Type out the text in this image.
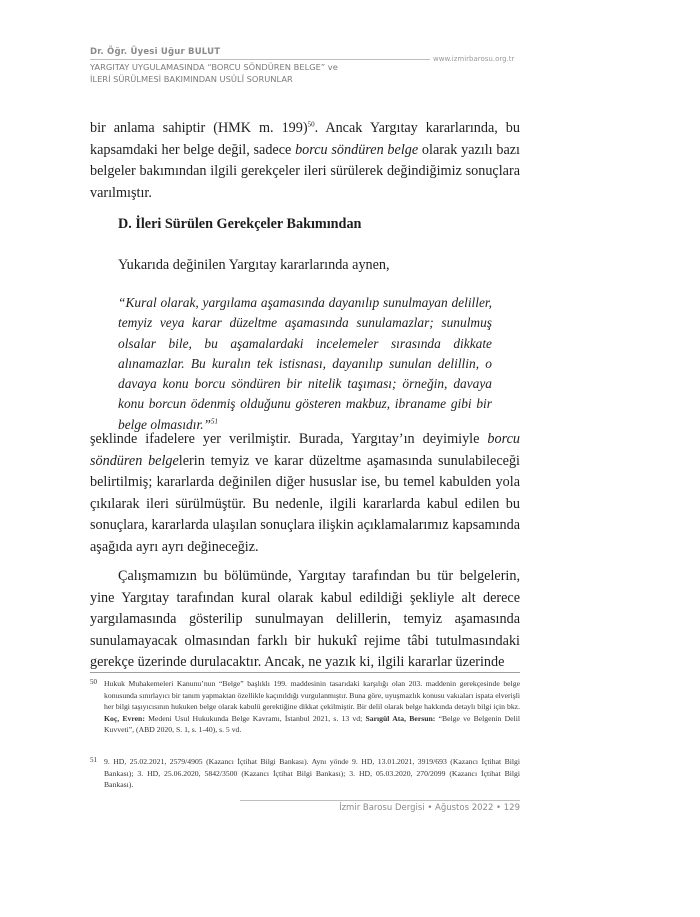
Dr. Öğr. Üyesi Uğur BULUT
YARGITAY UYGULAMASINDA “BORCU SÖNDÜREN BELGE” ve
İLERİ SÜRÜLMESİ BAKIMINDAN USÛLÎ SORUNLAR
www.izmirbarosu.org.tr
bir anlama sahiptir (HMK m. 199)$^{50}$. Ancak Yargıtay kararlarında, bu kapsamdaki her belge değil, sadece borcu söndüren belge olarak yazılı bazı belgeler bakımından ilgili gerekçeler ileri sürülerek değindiğimiz sonuçlara varılmıştır.
D. İleri Sürülen Gerekçeler Bakımından
Yukarıda değinilen Yargıtay kararlarında aynen,
“Kural olarak, yargılama aşamasında dayanılıp sunulmayan deliller, temyiz veya karar düzeltme aşamasında sunulamazlar; sunulmuş olsalar bile, bu aşamalardaki incelemeler sırasında dikkate alınamazlar. Bu kuralın tek istisnası, dayanılıp sunulan delillin, o davaya konu borcu söndüren bir nitelik taşıması; örneğin, davaya konu borcun ödenmiş olduğunu gösteren makbuz, ibraname gibi bir belge olmasıdır.”$^{51}$
şeklinde ifadelere yer verilmiştir. Burada, Yargıtay’ın deyimiyle borcu söndüren belgelerin temyiz ve karar düzeltme aşamasında sunulabileceği belirtilmiş; kararlarda değinilen diğer hususlar ise, bu temel kabulden yola çıkılarak ileri sürülmüştür. Bu nedenle, ilgili kararlarda kabul edilen bu sonuçlara, kararlarda ulaşılan sonuçlara ilişkin açıklamalarımız kapsamında aşağıda ayrı ayrı değineceğiz.
Çalışmamızın bu bölümünde, Yargıtay tarafından bu tür belgelerin, yine Yargıtay tarafından kural olarak kabul edildiği şekliyle alt derece yargılamasında gösterilip sunulmayan delillerin, temyiz aşamasında sunulamayacak olmasından farklı bir hukukî rejime tâbi tutulmasındaki gerekçe üzerinde durulacaktır. Ancak, ne yazık ki, ilgili kararlar üzerinde
50 Hukuk Muhakemeleri Kanunu’nun “Belge” başlıklı 199. maddesinin tasarıdaki karşılığı olan 203. maddenin gerekçesinde belge konusunda sınırlayıcı bir tanım yapmaktan özellikle kaçınıldığı vurgulanmıştır. Buna göre, uyuşmazlık konusu vakıaları ispata elverişli her bilgi taşıyıcısının hukuken belge olarak kabulü gerektiğine dikkat çekilmiştir. Bir delil olarak belge hakkında detaylı bilgi için bkz. Koç, Evren: Medeni Usul Hukukunda Belge Kavramı, İstanbul 2021, s. 13 vd; Sarıgül Ata, Bersun: “Belge ve Belgenin Delil Kuvveti”, (ABD 2020, S. 1, s. 1-40), s. 5 vd.
51 9. HD, 25.02.2021, 2579/4905 (Kazancı İçtihat Bilgi Bankası). Aynı yönde 9. HD, 13.01.2021, 3919/693 (Kazancı İçtihat Bilgi Bankası); 3. HD, 25.06.2020, 5842/3500 (Kazancı İçtihat Bilgi Bankası); 3. HD, 05.03.2020, 270/2099 (Kazancı İçtihat Bilgi Bankası).
İzmir Barosu Dergisi • Ağustos 2022 • 129
